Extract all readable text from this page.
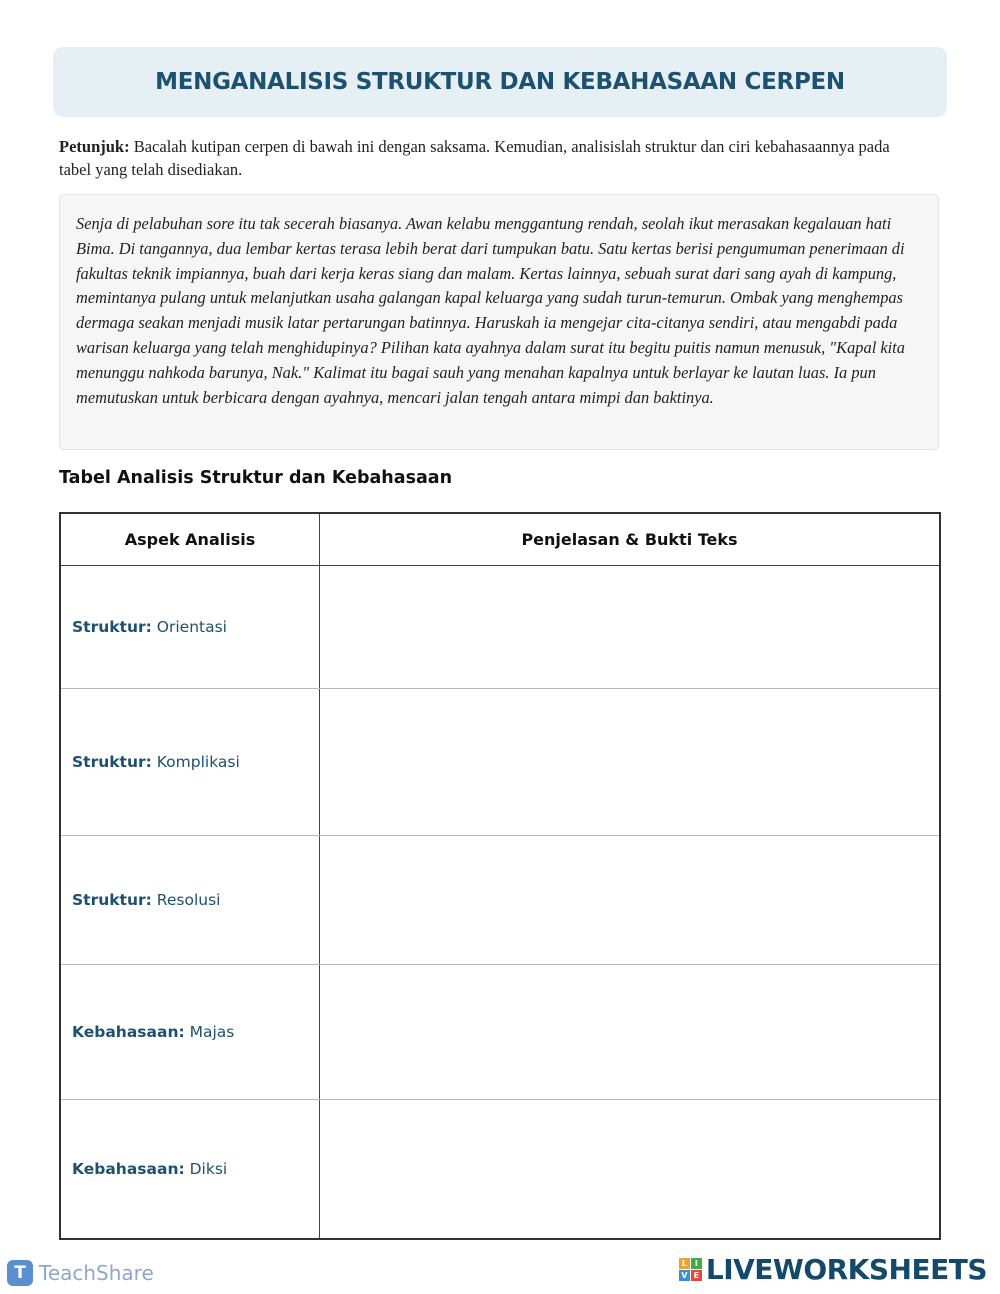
MENGANALISIS STRUKTUR DAN KEBAHASAAN CERPEN
Petunjuk: Bacalah kutipan cerpen di bawah ini dengan saksama. Kemudian, analisislah struktur dan ciri kebahasaannya pada tabel yang telah disediakan.

Senja di pelabuhan sore itu tak secerah biasanya. Awan kelabu menggantung rendah, seolah ikut merasakan kegalauan hati Bima. Di tangannya, dua lembar kertas terasa lebih berat dari tumpukan batu. Satu kertas berisi pengumuman penerimaan di fakultas teknik impiannya, buah dari kerja keras siang dan malam. Kertas lainnya, sebuah surat dari sang ayah di kampung, memintanya pulang untuk melanjutkan usaha galangan kapal keluarga yang sudah turun-temurun. Ombak yang menghempas dermaga seakan menjadi musik latar pertarungan batinnya. Haruskah ia mengejar cita-citanya sendiri, atau mengabdi pada warisan keluarga yang telah menghidupinya? Pilihan kata ayahnya dalam surat itu begitu puitis namun menusuk, "Kapal kita menunggu nahkoda barunya, Nak." Kalimat itu bagai sauh yang menahan kapalnya untuk berlayar ke lautan luas. Ia pun memutuskan untuk berbicara dengan ayahnya, mencari jalan tengah antara mimpi dan baktinya.

Tabel Analisis Struktur dan Kebahasaan
Aspek Analisis	Penjelasan & Bukti Teks
Struktur: Orientasi	
Struktur: Komplikasi	
Struktur: Resolusi	
Kebahasaan: Majas	
Kebahasaan: Diksi	
T TeachShare	L I
V E LIVEWORKSHEETS
